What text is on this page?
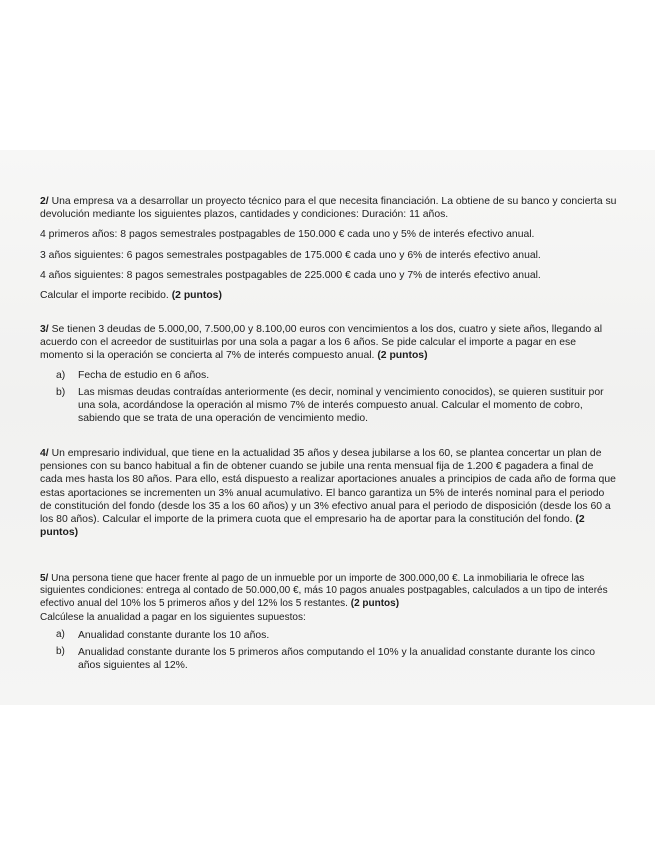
2/ Una empresa va a desarrollar un proyecto técnico para el que necesita financiación. La obtiene de su banco y concierta su devolución mediante los siguientes plazos, cantidades y condiciones: Duración: 11 años.

4 primeros años: 8 pagos semestrales postpagables de 150.000 € cada uno y 5% de interés efectivo anual.

3 años siguientes: 6 pagos semestrales postpagables de 175.000 € cada uno y 6% de interés efectivo anual.

4 años siguientes: 8 pagos semestrales postpagables de 225.000 € cada uno y 7% de interés efectivo anual.

Calcular el importe recibido. (2 puntos)

3/ Se tienen 3 deudas de 5.000,00, 7.500,00 y 8.100,00 euros con vencimientos a los dos, cuatro y siete años, llegando al acuerdo con el acreedor de sustituirlas por una sola a pagar a los 6 años. Se pide calcular el importe a pagar en ese momento si la operación se concierta al 7% de interés compuesto anual. (2 puntos)

a)	Fecha de estudio en 6 años.
b)	Las mismas deudas contraídas anteriormente (es decir, nominal y vencimiento conocidos), se quieren sustituir por una sola, acordándose la operación al mismo 7% de interés compuesto anual. Calcular el momento de cobro, sabiendo que se trata de una operación de vencimiento medio.

4/ Un empresario individual, que tiene en la actualidad 35 años y desea jubilarse a los 60, se plantea concertar un plan de pensiones con su banco habitual a fin de obtener cuando se jubile una renta mensual fija de 1.200 € pagadera a final de cada mes hasta los 80 años. Para ello, está dispuesto a realizar aportaciones anuales a principios de cada año de forma que estas aportaciones se incrementen un 3% anual acumulativo. El banco garantiza un 5% de interés nominal para el periodo de constitución del fondo (desde los 35 a los 60 años) y un 3% efectivo anual para el periodo de disposición (desde los 60 a los 80 años). Calcular el importe de la primera cuota que el empresario ha de aportar para la constitución del fondo. (2 puntos)

5/ Una persona tiene que hacer frente al pago de un inmueble por un importe de 300.000,00 €. La inmobiliaria le ofrece las siguientes condiciones: entrega al contado de 50.000,00 €, más 10 pagos anuales postpagables, calculados a un tipo de interés efectivo anual del 10% los 5 primeros años y del 12% los 5 restantes. (2 puntos)

Calcúlese la anualidad a pagar en los siguientes supuestos:

a)	Anualidad constante durante los 10 años.
b)	Anualidad constante durante los 5 primeros años computando el 10% y la anualidad constante durante los cinco años siguientes al 12%.
